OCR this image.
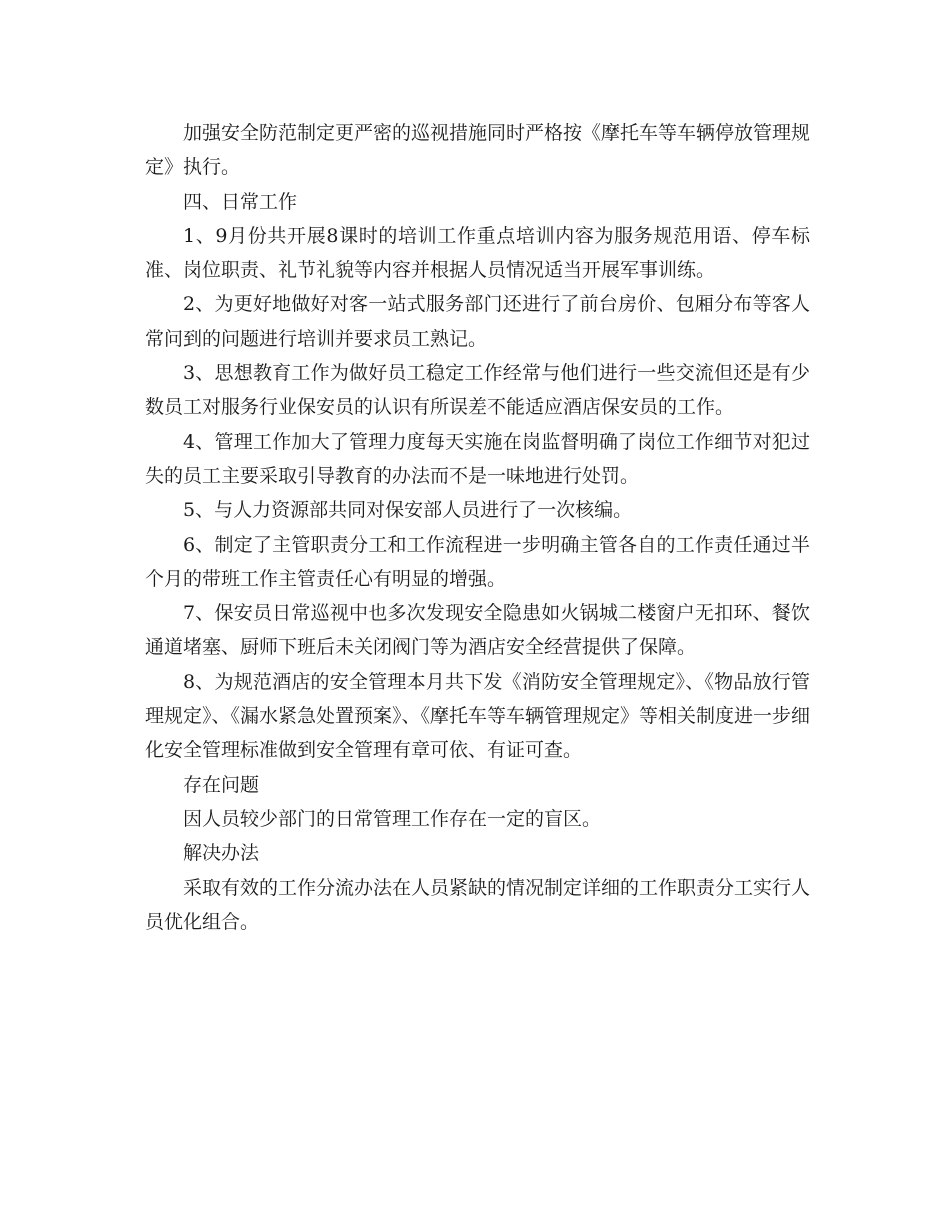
加强安全防范制定更严密的巡视措施同时严格按《摩托车等车辆停放管理规定》执行。

四、日常工作

1、9月份共开展8课时的培训工作重点培训内容为服务规范用语、停车标准、岗位职责、礼节礼貌等内容并根据人员情况适当开展军事训练。

2、为更好地做好对客一站式服务部门还进行了前台房价、包厢分布等客人常问到的问题进行培训并要求员工熟记。

3、思想教育工作为做好员工稳定工作经常与他们进行一些交流但还是有少数员工对服务行业保安员的认识有所误差不能适应酒店保安员的工作。

4、管理工作加大了管理力度每天实施在岗监督明确了岗位工作细节对犯过失的员工主要采取引导教育的办法而不是一味地进行处罚。

5、与人力资源部共同对保安部人员进行了一次核编。

6、制定了主管职责分工和工作流程进一步明确主管各自的工作责任通过半个月的带班工作主管责任心有明显的增强。

7、保安员日常巡视中也多次发现安全隐患如火锅城二楼窗户无扣环、餐饮通道堵塞、厨师下班后未关闭阀门等为酒店安全经营提供了保障。

8、为规范酒店的安全管理本月共下发《消防安全管理规定》、《物品放行管理规定》、《漏水紧急处置预案》、《摩托车等车辆管理规定》等相关制度进一步细化安全管理标准做到安全管理有章可依、有证可查。

存在问题

因人员较少部门的日常管理工作存在一定的盲区。

解决办法

采取有效的工作分流办法在人员紧缺的情况制定详细的工作职责分工实行人员优化组合。
